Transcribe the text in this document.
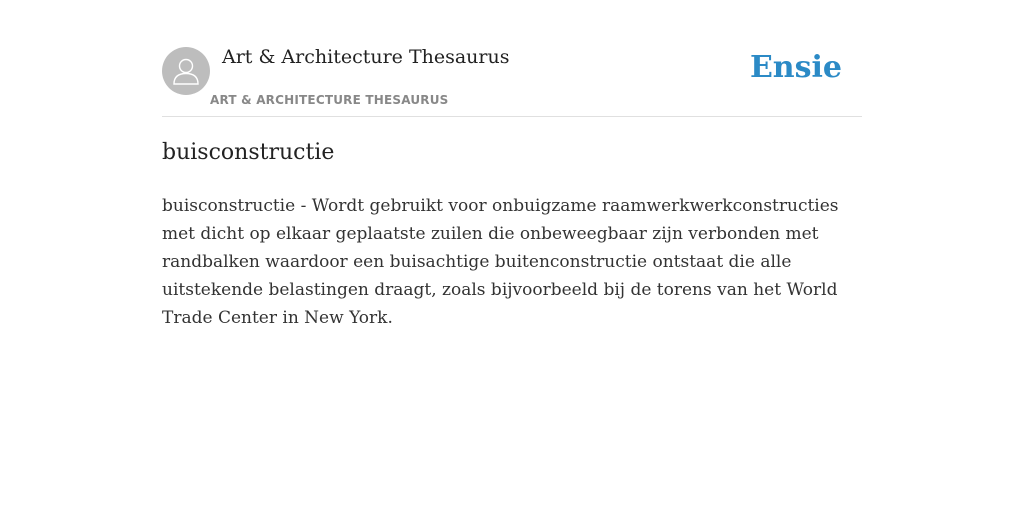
Art & Architecture Thesaurus
ART & ARCHITECTURE THESAURUS
Ensie
buisconstructie

buisconstructie - Wordt gebruikt voor onbuigzame raamwerkwerkconstructies met dicht op elkaar geplaatste zuilen die onbeweegbaar zijn verbonden met randbalken waardoor een buisachtige buitenconstructie ontstaat die alle uitstekende belastingen draagt, zoals bijvoorbeeld bij de torens van het World Trade Center in New York.
